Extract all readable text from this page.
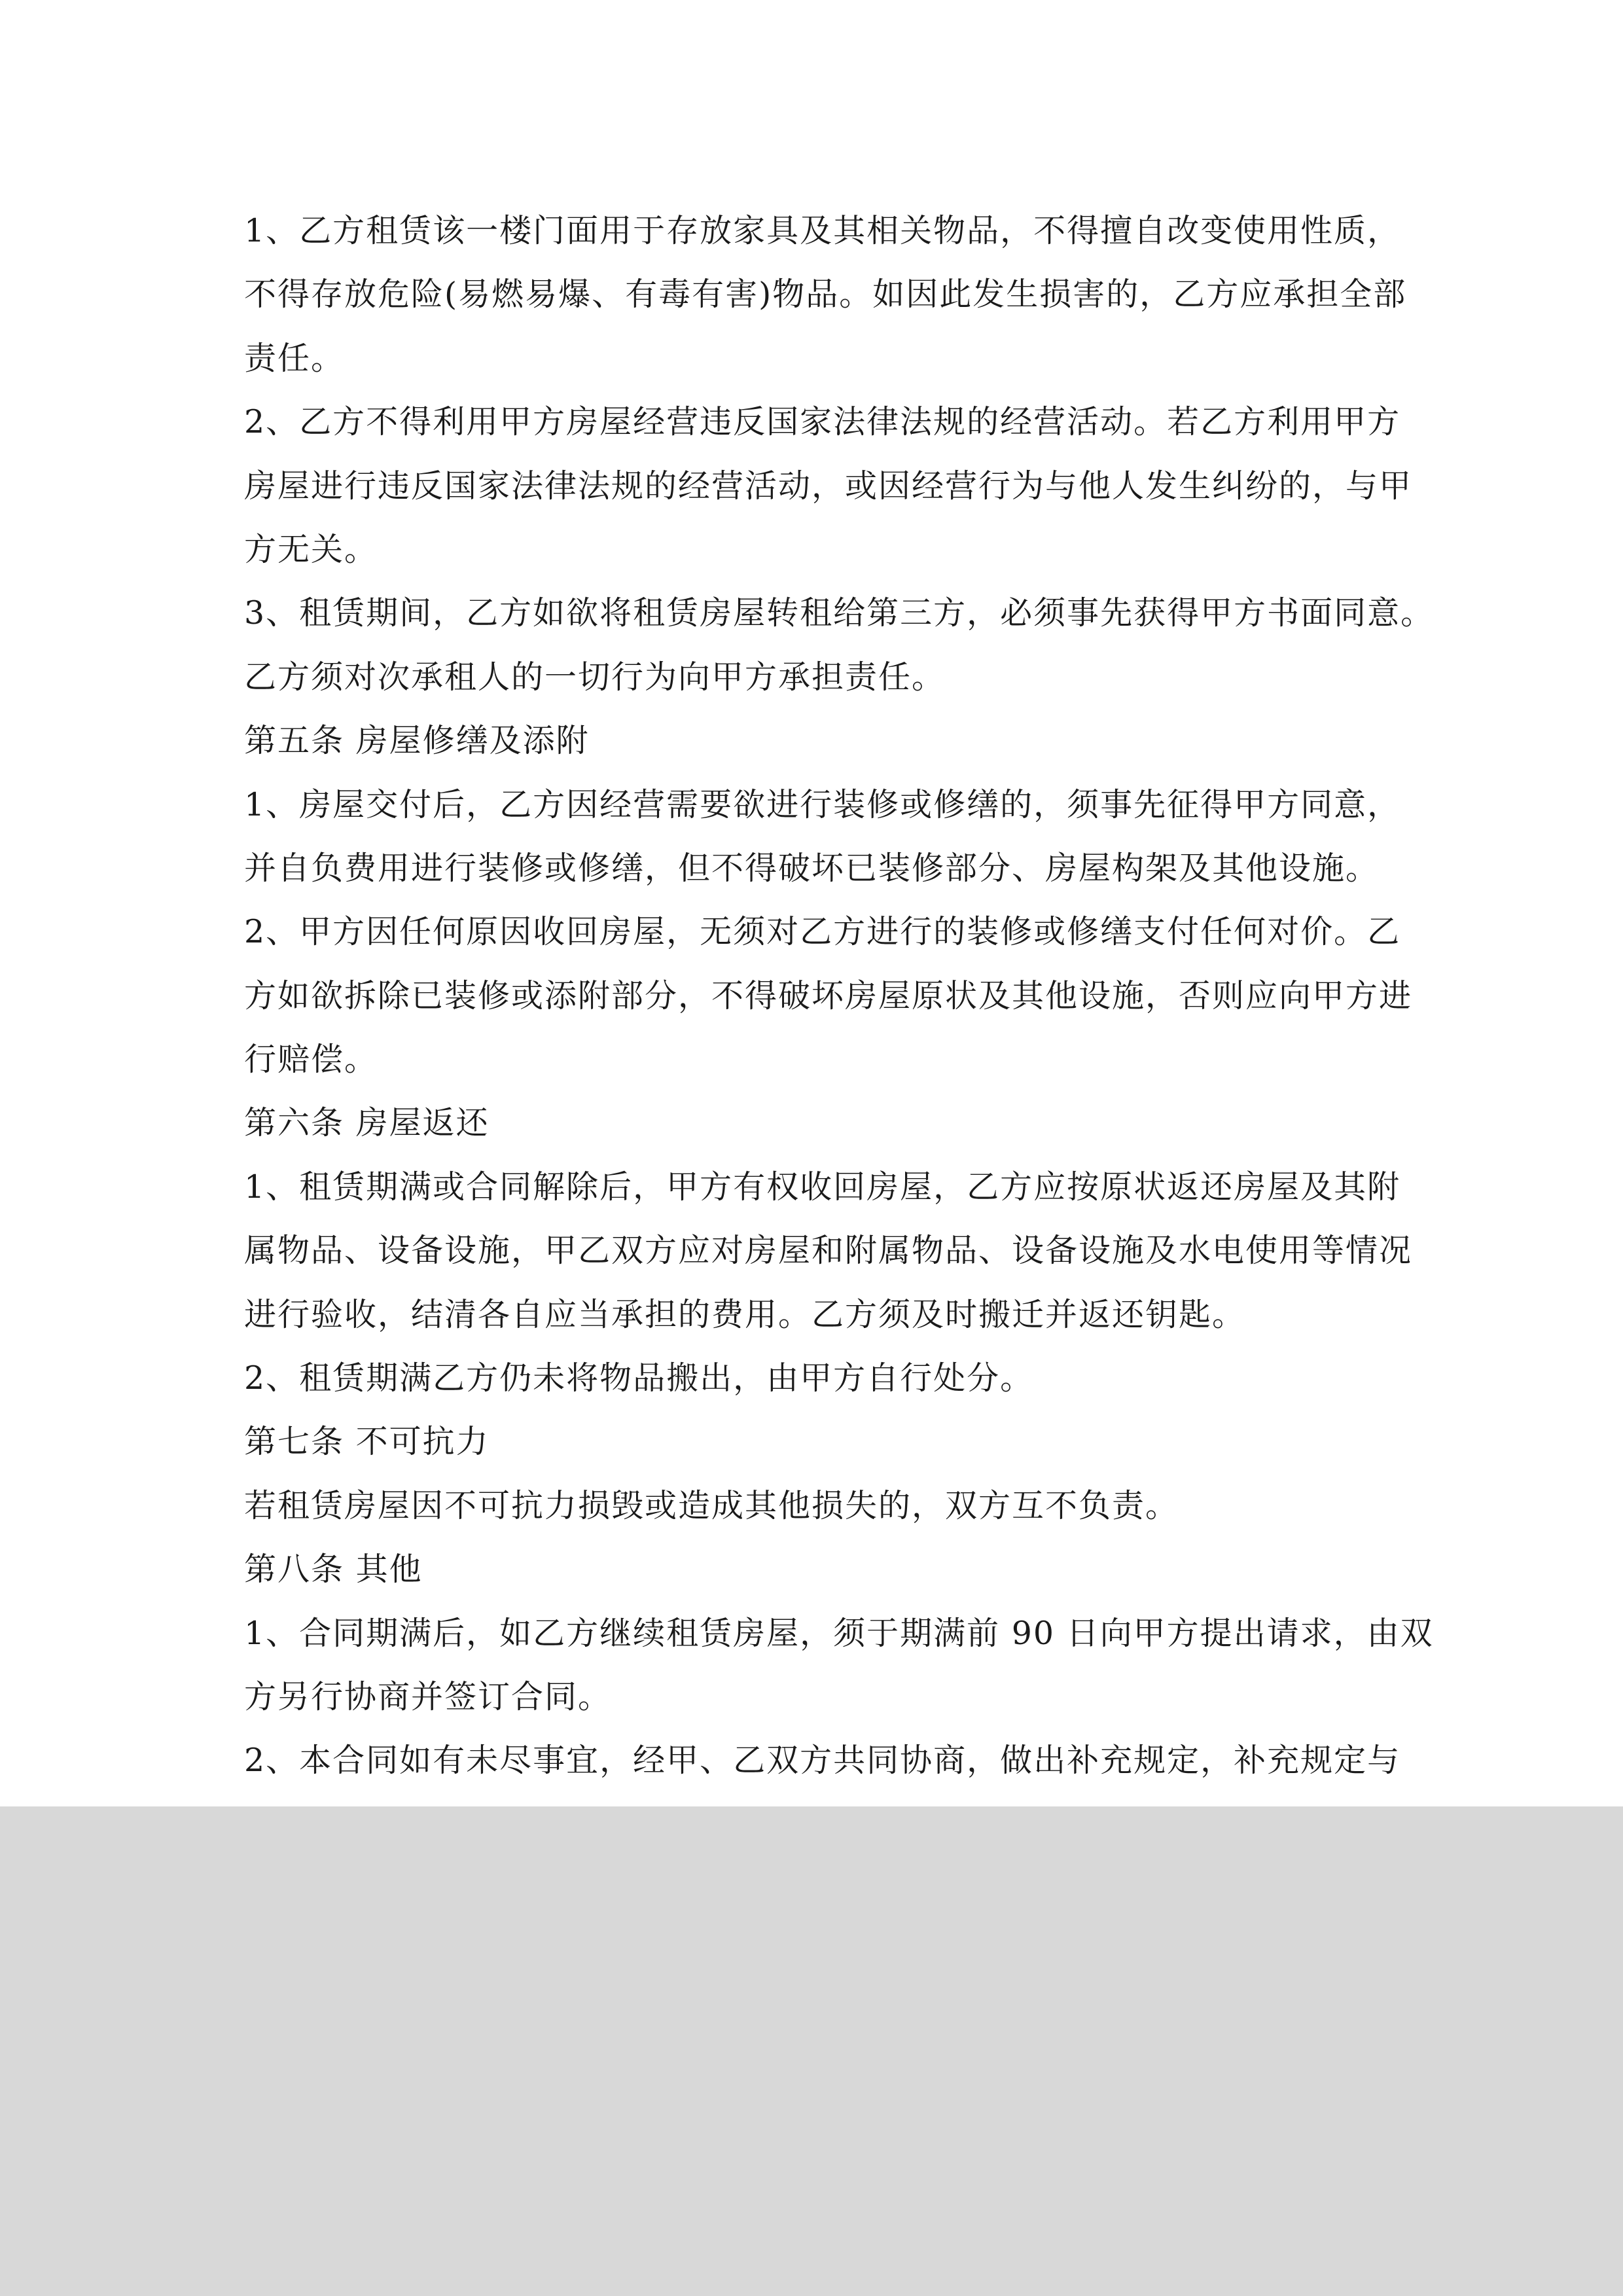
1、乙方租赁该一楼门面用于存放家具及其相关物品，不得擅自改变使用性质，
不得存放危险(易燃易爆、有毒有害)物品。如因此发生损害的，乙方应承担全部
责任。
2、乙方不得利用甲方房屋经营违反国家法律法规的经营活动。若乙方利用甲方
房屋进行违反国家法律法规的经营活动，或因经营行为与他人发生纠纷的，与甲
方无关。
3、租赁期间，乙方如欲将租赁房屋转租给第三方，必须事先获得甲方书面同意。
乙方须对次承租人的一切行为向甲方承担责任。
第五条 房屋修缮及添附
1、房屋交付后，乙方因经营需要欲进行装修或修缮的，须事先征得甲方同意，
并自负费用进行装修或修缮，但不得破坏已装修部分、房屋构架及其他设施。
2、甲方因任何原因收回房屋，无须对乙方进行的装修或修缮支付任何对价。乙
方如欲拆除已装修或添附部分，不得破坏房屋原状及其他设施，否则应向甲方进
行赔偿。
第六条 房屋返还
1、租赁期满或合同解除后，甲方有权收回房屋，乙方应按原状返还房屋及其附
属物品、设备设施，甲乙双方应对房屋和附属物品、设备设施及水电使用等情况
进行验收，结清各自应当承担的费用。乙方须及时搬迁并返还钥匙。
2、租赁期满乙方仍未将物品搬出，由甲方自行处分。
第七条 不可抗力
若租赁房屋因不可抗力损毁或造成其他损失的，双方互不负责。
第八条 其他
1、合同期满后，如乙方继续租赁房屋，须于期满前 90 日向甲方提出请求，由双
方另行协商并签订合同。
2、本合同如有未尽事宜，经甲、乙双方共同协商，做出补充规定，补充规定与
